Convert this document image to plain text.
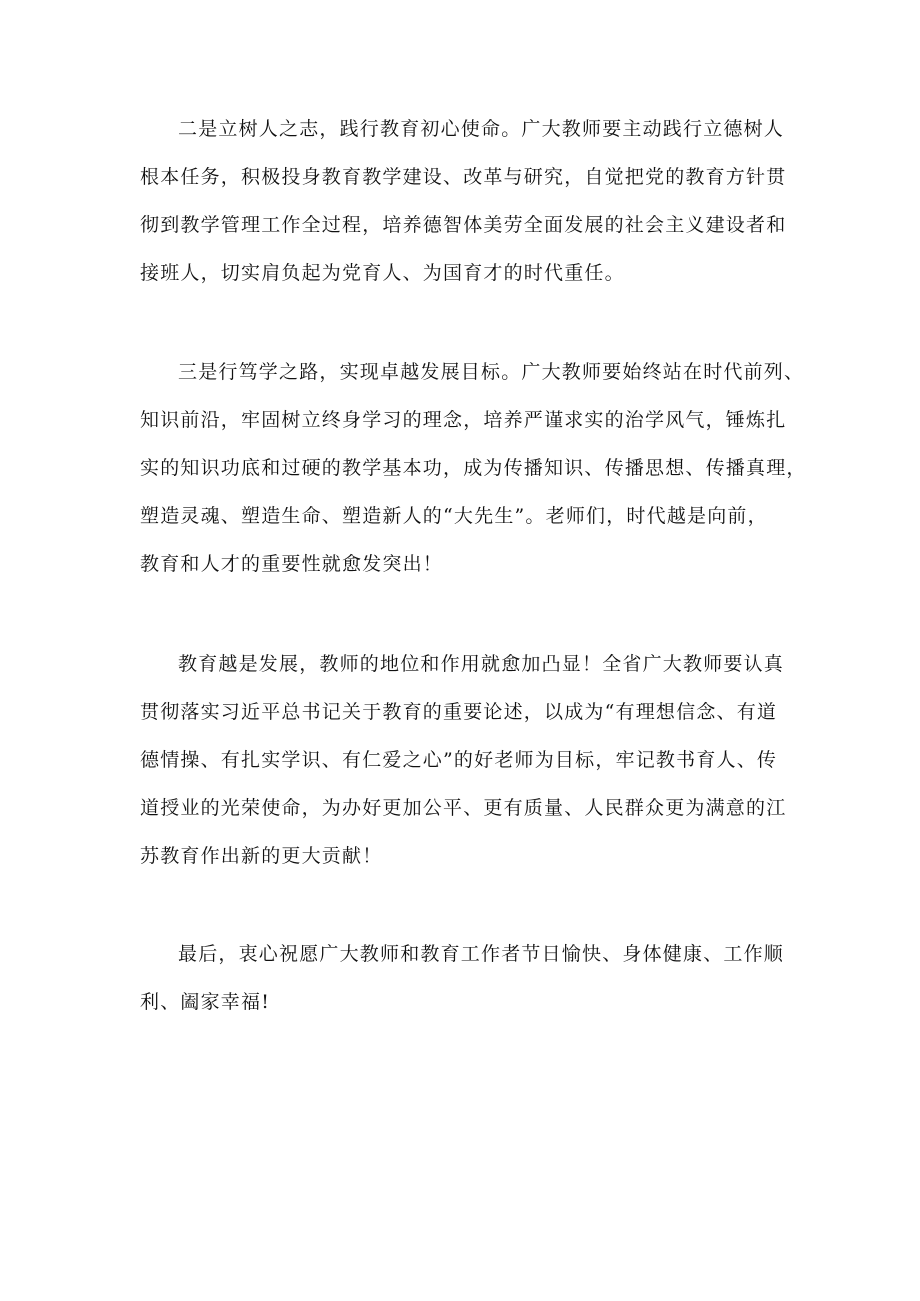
二是立树人之志，践行教育初心使命。广大教师要主动践行立德树人
根本任务，积极投身教育教学建设、改革与研究，自觉把党的教育方针贯
彻到教学管理工作全过程，培养德智体美劳全面发展的社会主义建设者和
接班人，切实肩负起为党育人、为国育才的时代重任。
三是行笃学之路，实现卓越发展目标。广大教师要始终站在时代前列、
知识前沿，牢固树立终身学习的理念，培养严谨求实的治学风气，锤炼扎
实的知识功底和过硬的教学基本功，成为传播知识、传播思想、传播真理，
塑造灵魂、塑造生命、塑造新人的“大先生”。老师们，时代越是向前，
教育和人才的重要性就愈发突出！
教育越是发展，教师的地位和作用就愈加凸显！全省广大教师要认真
贯彻落实习近平总书记关于教育的重要论述，以成为“有理想信念、有道
德情操、有扎实学识、有仁爱之心”的好老师为目标，牢记教书育人、传
道授业的光荣使命，为办好更加公平、更有质量、人民群众更为满意的江
苏教育作出新的更大贡献！
最后，衷心祝愿广大教师和教育工作者节日愉快、身体健康、工作顺
利、阖家幸福!
